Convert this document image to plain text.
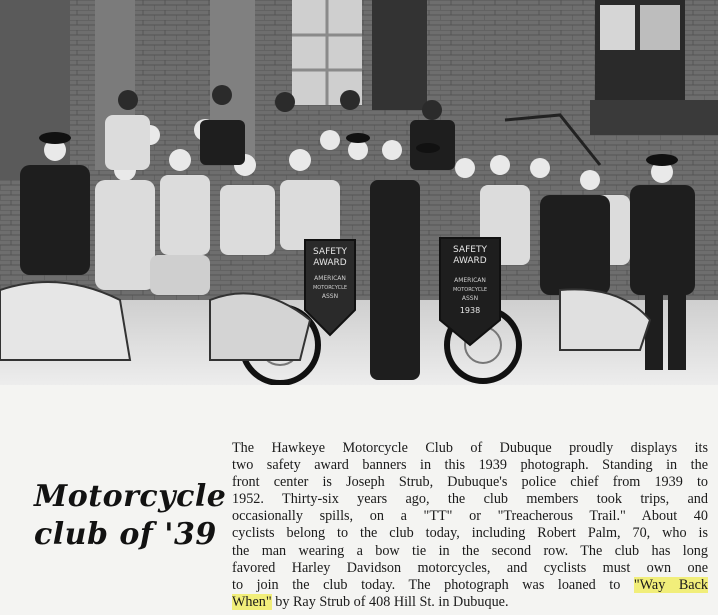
SAFETY
AWARD
AMERICAN
MOTORCYCLE
ASSN
SAFETY
AWARD
AMERICAN
MOTORCYCLE
ASSN
1938
Motorcycle
club of '39
The Hawkeye Motorcycle Club of Dubuque proudly displays its
two safety award banners in this 1939 photograph. Standing in the
front center is Joseph Strub, Dubuque's police chief from 1939 to
1952. Thirty-six years ago, the club members took trips, and
occasionally spills, on a "TT" or "Treacherous Trail." About 40
cyclists belong to the club today, including Robert Palm, 70, who is
the man wearing a bow tie in the second row. The club has long
favored Harley Davidson motorcycles, and cyclists must own one
to join the club today. The photograph was loaned to "Way Back
When" by Ray Strub of 408 Hill St. in Dubuque.
